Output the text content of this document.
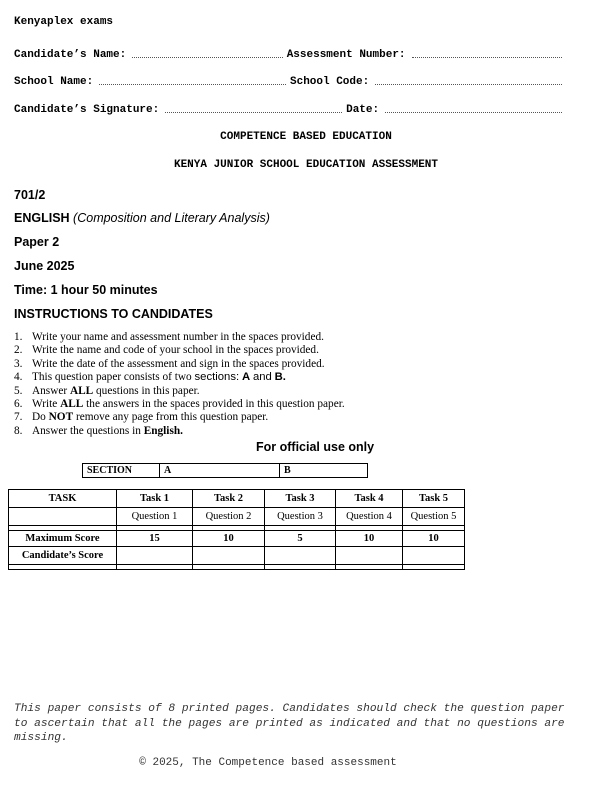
Kenyaplex exams
Candidate’s Name:	Assessment Number:
School Name:	School Code:
Candidate’s Signature:	Date:
COMPETENCE BASED EDUCATION
KENYA JUNIOR SCHOOL EDUCATION ASSESSMENT
701/2
ENGLISH (Composition and Literary Analysis)
Paper 2
June 2025
Time: 1 hour 50 minutes
INSTRUCTIONS TO CANDIDATES
1. Write your name and assessment number in the spaces provided.
2. Write the name and code of your school in the spaces provided.
3. Write the date of the assessment and sign in the spaces provided.
4. This question paper consists of two sections: A and B.
5. Answer ALL questions in this paper.
6. Write ALL the answers in the spaces provided in this question paper.
7. Do NOT remove any page from this question paper.
8. Answer the questions in English.
For official use only
SECTION	A	B
TASK	Task 1	Task 2	Task 3	Task 4	Task 5
	Question 1	Question 2	Question 3	Question 4	Question 5

Maximum Score	15	10	5	10	10
Candidate’s Score					

This paper consists of 8 printed pages. Candidates should check the question paper to ascertain that all the pages are printed as indicated and that no questions are missing.
© 2025, The Competence based assessment
